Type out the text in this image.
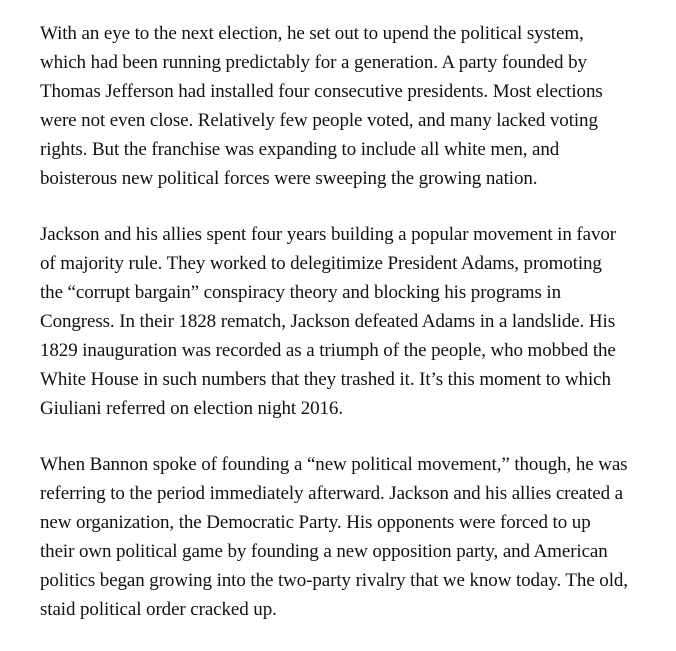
With an eye to the next election, he set out to upend the political system,
which had been running predictably for a generation. A party founded by
Thomas Jefferson had installed four consecutive presidents. Most elections
were not even close. Relatively few people voted, and many lacked voting
rights. But the franchise was expanding to include all white men, and
boisterous new political forces were sweeping the growing nation.

Jackson and his allies spent four years building a popular movement in favor
of majority rule. They worked to delegitimize President Adams, promoting
the “corrupt bargain” conspiracy theory and blocking his programs in
Congress. In their 1828 rematch, Jackson defeated Adams in a landslide. His
1829 inauguration was recorded as a triumph of the people, who mobbed the
White House in such numbers that they trashed it. It’s this moment to which
Giuliani referred on election night 2016.

When Bannon spoke of founding a “new political movement,” though, he was
referring to the period immediately afterward. Jackson and his allies created a
new organization, the Democratic Party. His opponents were forced to up
their own political game by founding a new opposition party, and American
politics began growing into the two-party rivalry that we know today. The old,
staid political order cracked up.
